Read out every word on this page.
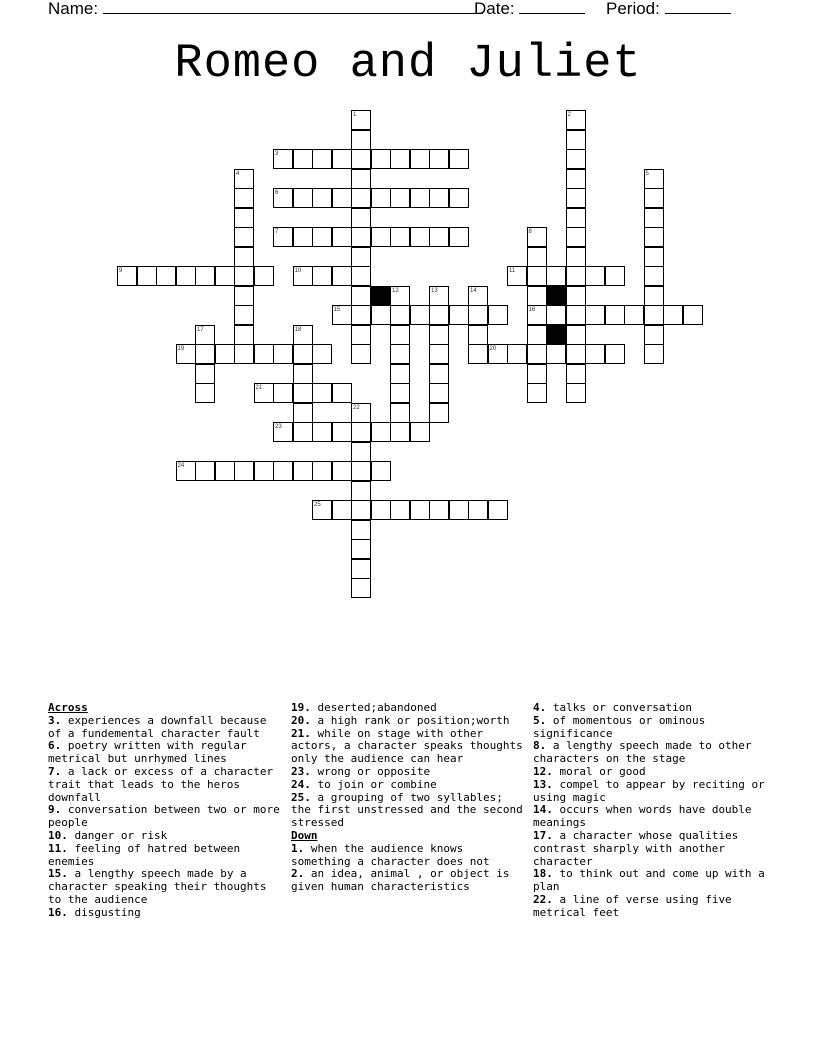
Name:	Date:	Period:
Romeo and Juliet
1	2
3
4	5
6
7	8
16
9	10	11
12	13	14
15
17	18
19	20
21
22
23
24
25

Across

3. experiences a downfall because of a fundemental character fault

6. poetry written with regular metrical but unrhymed lines

7. a lack or excess of a character trait that leads to the heros downfall

9. conversation between two or more people

10. danger or risk

11. feeling of hatred between enemies

15. a lengthy speech made by a character speaking their thoughts to the audience

16. disgusting

19. deserted;abandoned

20. a high rank or position;worth

21. while on stage with other actors, a character speaks thoughts only the audience can hear

23. wrong or opposite

24. to join or combine

25. a grouping of two syllables; the first unstressed and the second stressed

Down

1. when the audience knows something a character does not

2. an idea, animal , or object is given human characteristics

4. talks or conversation

5. of momentous or ominous significance

8. a lengthy speech made to other characters on the stage

12. moral or good

13. compel to appear by reciting or using magic

14. occurs when words have double meanings

17. a character whose qualities contrast sharply with another character

18. to think out and come up with a plan

22. a line of verse using five metrical feet
